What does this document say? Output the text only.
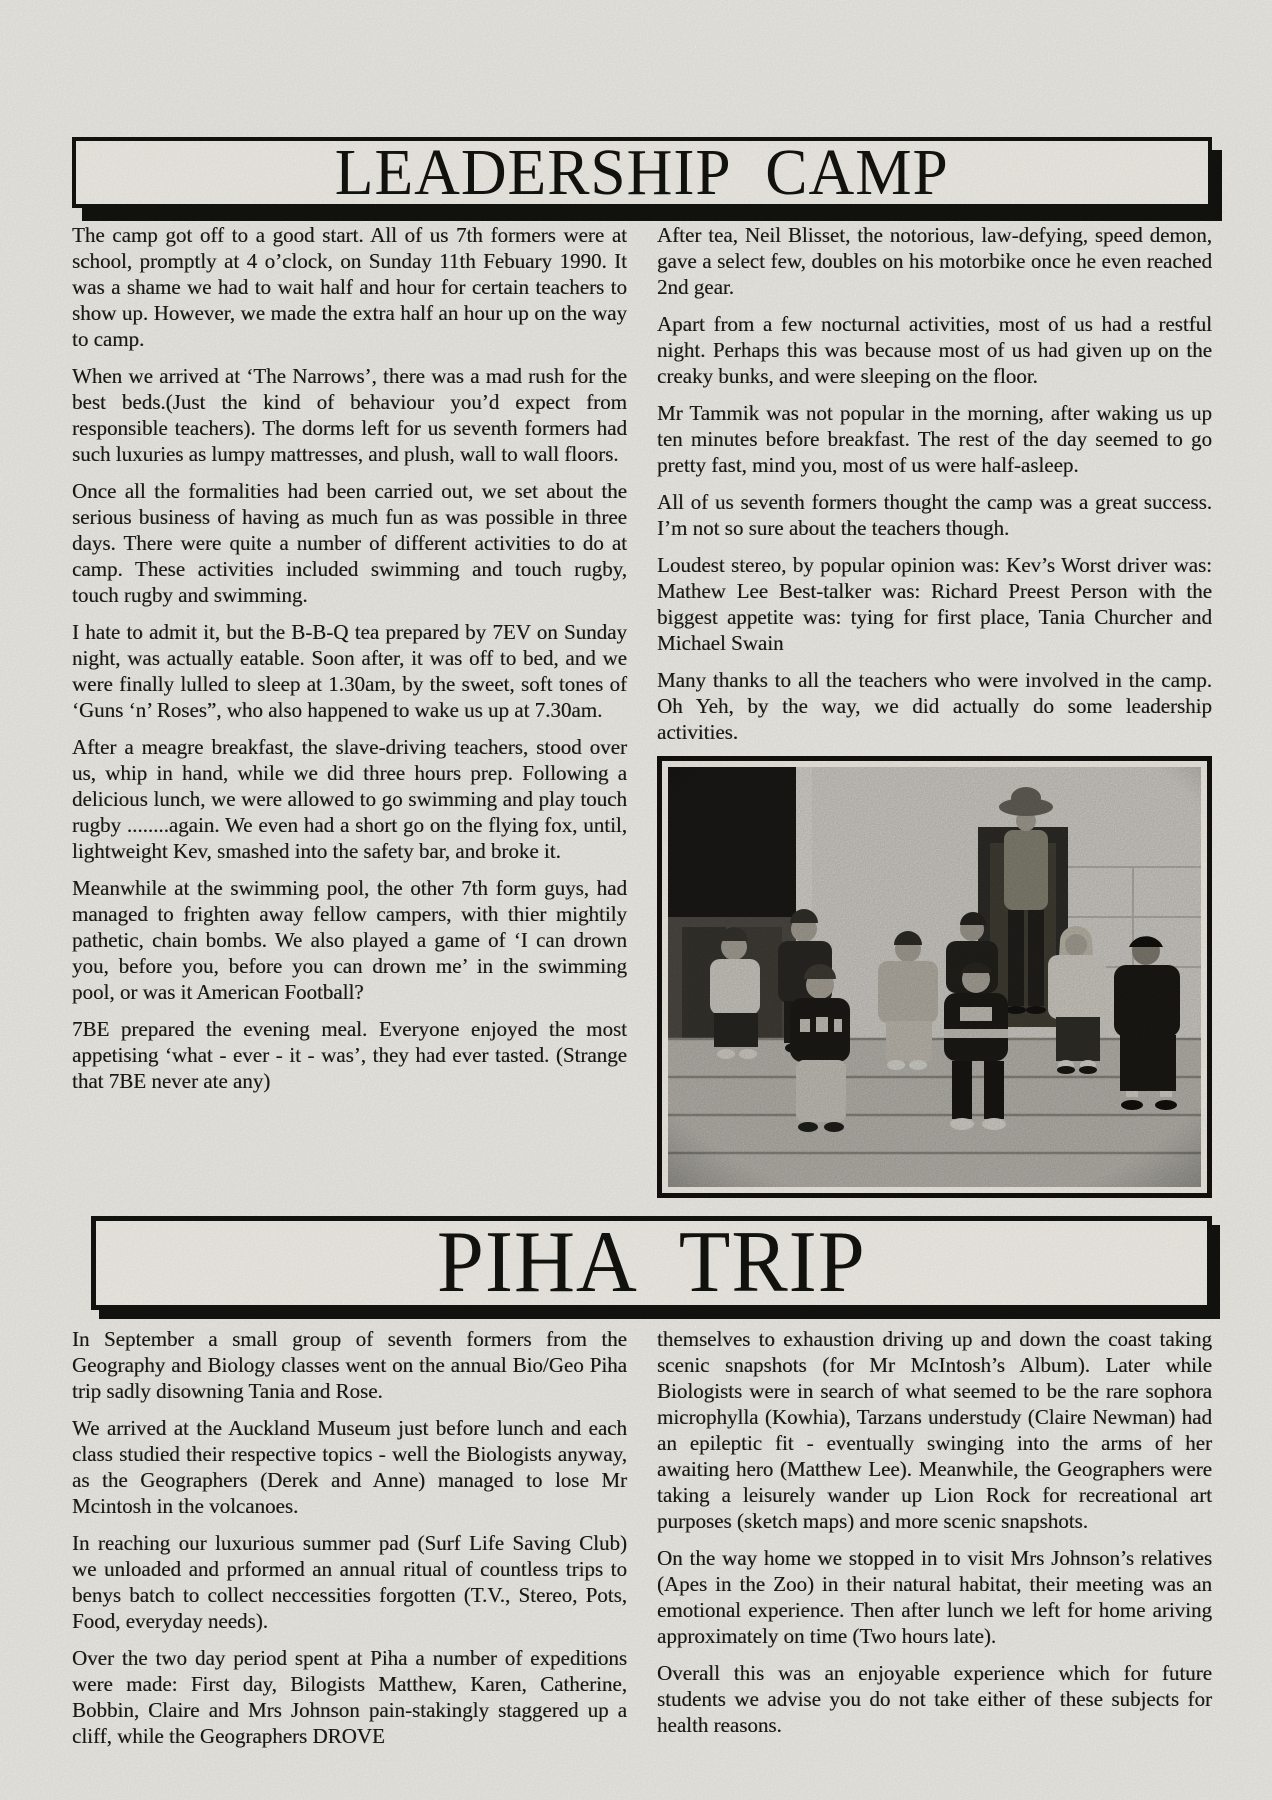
LEADERSHIP CAMP

The camp got off to a good start. All of us 7th formers were at school, promptly at 4 o’clock, on Sunday 11th Febuary 1990. It was a shame we had to wait half and hour for certain teachers to show up. However, we made the extra half an hour up on the way to camp.

When we arrived at ‘The Narrows’, there was a mad rush for the best beds.(Just the kind of behaviour you’d expect from responsible teachers). The dorms left for us seventh formers had such luxuries as lumpy mattresses, and plush, wall to wall floors.

Once all the formalities had been carried out, we set about the serious business of having as much fun as was possible in three days. There were quite a number of different activities to do at camp. These activities included swimming and touch rugby, touch rugby and swimming.

I hate to admit it, but the B-B-Q tea prepared by 7EV on Sunday night, was actually eatable. Soon after, it was off to bed, and we were finally lulled to sleep at 1.30am, by the sweet, soft tones of ‘Guns ‘n’ Roses”, who also happened to wake us up at 7.30am.

After a meagre breakfast, the slave-driving teachers, stood over us, whip in hand, while we did three hours prep. Following a delicious lunch, we were allowed to go swimming and play touch rugby ........again. We even had a short go on the flying fox, until, lightweight Kev, smashed into the safety bar, and broke it.

Meanwhile at the swimming pool, the other 7th form guys, had managed to frighten away fellow campers, with thier mightily pathetic, chain bombs. We also played a game of ‘I can drown you, before you, before you can drown me’ in the swimming pool, or was it American Football?

7BE prepared the evening meal. Everyone enjoyed the most appetising ‘what - ever - it - was’, they had ever tasted. (Strange that 7BE never ate any)

After tea, Neil Blisset, the notorious, law-defying, speed demon, gave a select few, doubles on his motorbike once he even reached 2nd gear.

Apart from a few nocturnal activities, most of us had a restful night. Perhaps this was because most of us had given up on the creaky bunks, and were sleeping on the floor.

Mr Tammik was not popular in the morning, after waking us up ten minutes before breakfast. The rest of the day seemed to go pretty fast, mind you, most of us were half-asleep.

All of us seventh formers thought the camp was a great success. I’m not so sure about the teachers though.

Loudest stereo, by popular opinion was: Kev’s Worst driver was: Mathew Lee Best-talker was: Richard Preest Person with the biggest appetite was: tying for first place, Tania Churcher and Michael Swain

Many thanks to all the teachers who were involved in the camp. Oh Yeh, by the way, we did actually do some leadership activities.

PIHA TRIP

In September a small group of seventh formers from the Geography and Biology classes went on the annual Bio/Geo Piha trip sadly disowning Tania and Rose.

We arrived at the Auckland Museum just before lunch and each class studied their respective topics - well the Biologists anyway, as the Geographers (Derek and Anne) managed to lose Mr Mcintosh in the volcanoes.

In reaching our luxurious summer pad (Surf Life Saving Club) we unloaded and prformed an annual ritual of countless trips to benys batch to collect neccessities forgotten (T.V., Stereo, Pots, Food, everyday needs).

Over the two day period spent at Piha a number of expeditions were made: First day, Bilogists Matthew, Karen, Catherine, Bobbin, Claire and Mrs Johnson pain-stakingly staggered up a cliff, while the Geographers DROVE

themselves to exhaustion driving up and down the coast taking scenic snapshots (for Mr McIntosh’s Album). Later while Biologists were in search of what seemed to be the rare sophora microphylla (Kowhia), Tarzans understudy (Claire Newman) had an epileptic fit - eventually swinging into the arms of her awaiting hero (Matthew Lee). Meanwhile, the Geographers were taking a leisurely wander up Lion Rock for recreational art purposes (sketch maps) and more scenic snapshots.

On the way home we stopped in to visit Mrs Johnson’s relatives (Apes in the Zoo) in their natural habitat, their meeting was an emotional experience. Then after lunch we left for home ariving approximately on time (Two hours late).

Overall this was an enjoyable experience which for future students we advise you do not take either of these subjects for health reasons.
